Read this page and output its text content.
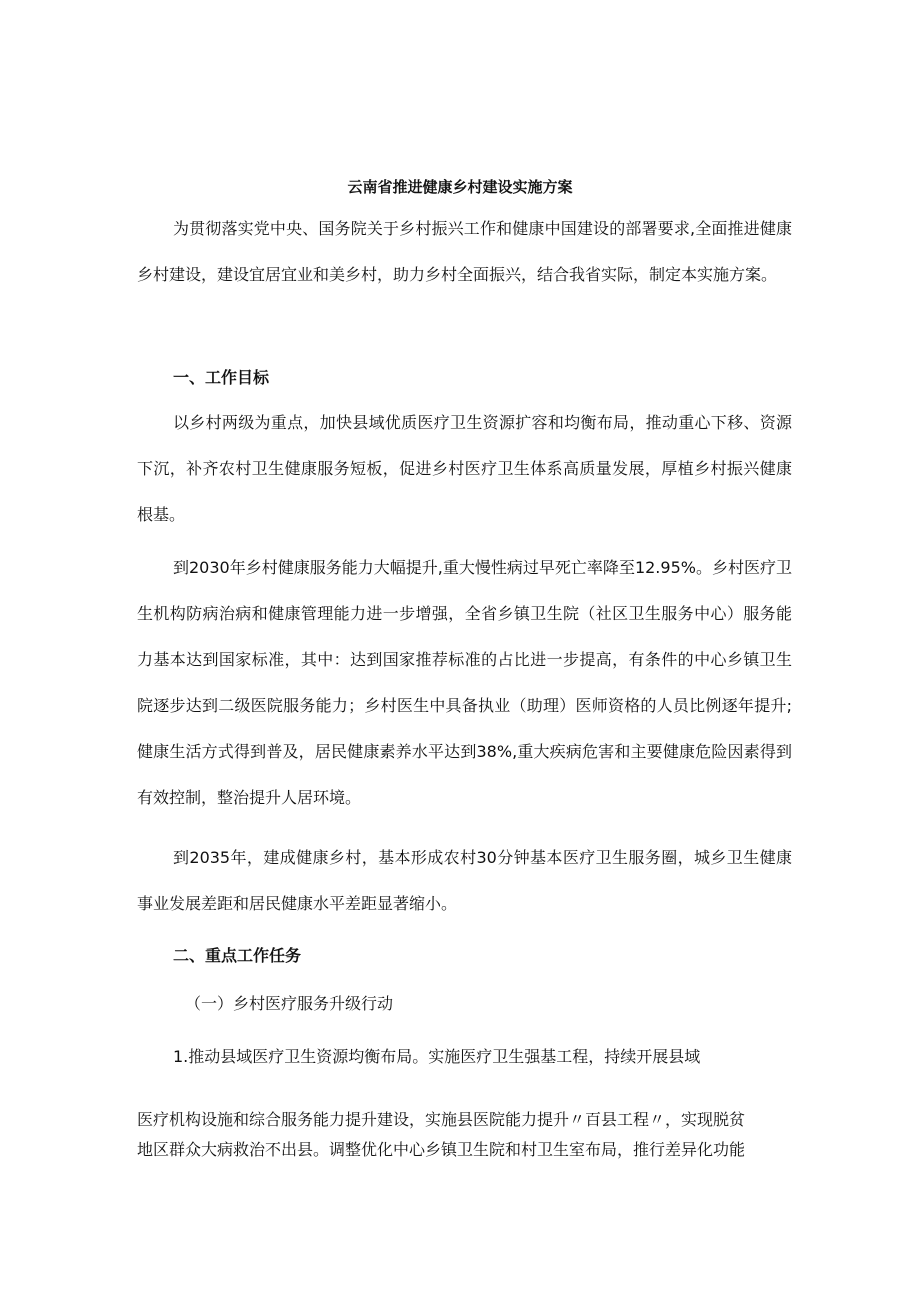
云南省推进健康乡村建设实施方案

为贯彻落实党中央、国务院关于乡村振兴工作和健康中国建设的部署要求,全面推进健康乡村建设，建设宜居宜业和美乡村，助力乡村全面振兴，结合我省实际，制定本实施方案。

一、工作目标

以乡村两级为重点，加快县域优质医疗卫生资源扩容和均衡布局，推动重心下移、资源下沉，补齐农村卫生健康服务短板，促进乡村医疗卫生体系高质量发展，厚植乡村振兴健康根基。

到2030年乡村健康服务能力大幅提升,重大慢性病过早死亡率降至12.95%。乡村医疗卫生机构防病治病和健康管理能力进一步增强，全省乡镇卫生院（社区卫生服务中心）服务能力基本达到国家标准，其中：达到国家推荐标准的占比进一步提高，有条件的中心乡镇卫生院逐步达到二级医院服务能力；乡村医生中具备执业（助理）医师资格的人员比例逐年提升;健康生活方式得到普及，居民健康素养水平达到38%,重大疾病危害和主要健康危险因素得到有效控制，整治提升人居环境。

到2035年，建成健康乡村，基本形成农村30分钟基本医疗卫生服务圈，城乡卫生健康事业发展差距和居民健康水平差距显著缩小。

二、重点工作任务
（一）乡村医疗服务升级行动
1.推动县域医疗卫生资源均衡布局。实施医疗卫生强基工程，持续开展县域
医疗机构设施和综合服务能力提升建设，实施县医院能力提升〃百县工程〃，实现脱贫
地区群众大病救治不出县。调整优化中心乡镇卫生院和村卫生室布局，推行差异化功能
